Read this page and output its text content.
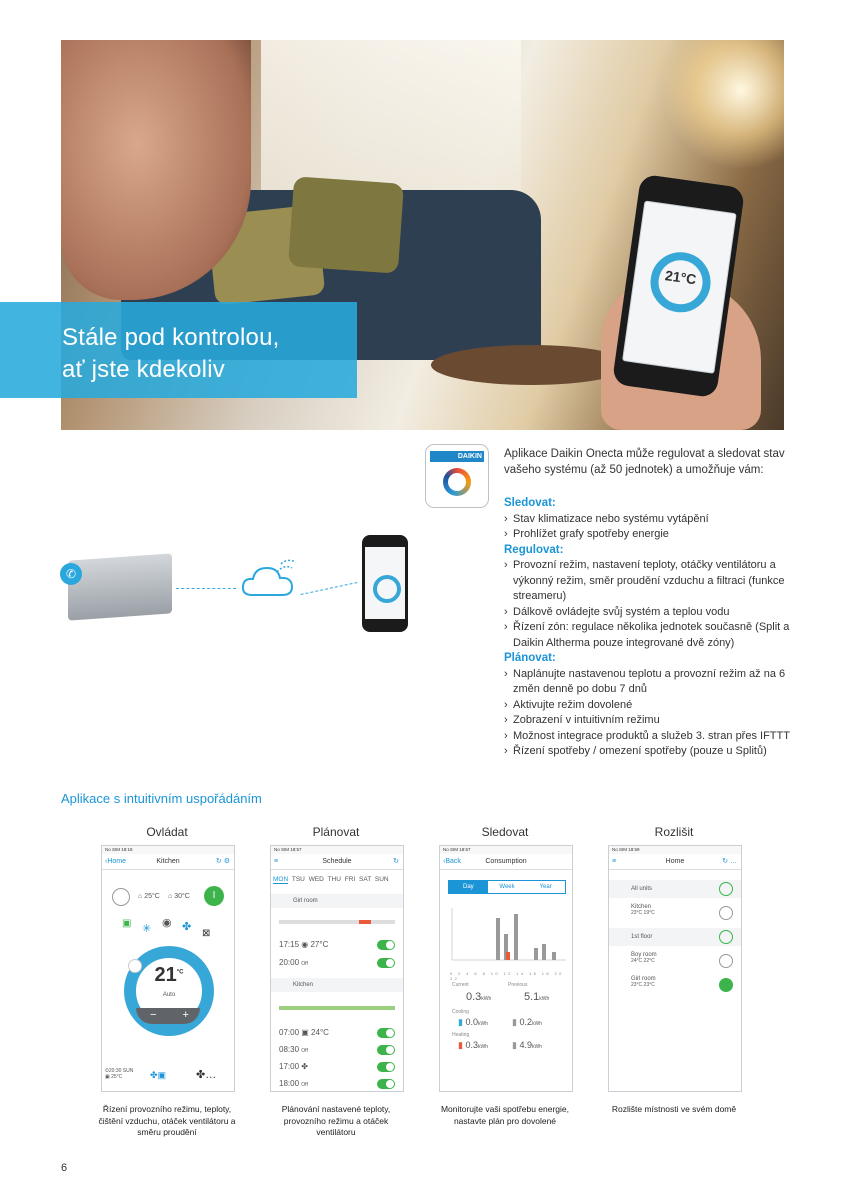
21°C
Stále pod kontrolou,
ať jste kdekoliv
DAIKIN Aplikace Daikin Onecta může regulovat a sledovat stav vašeho systému (až 50 jednotek) a umožňuje vám:
Sledovat:
› Stav klimatizace nebo systému vytápění
› Prohlížet grafy spotřeby energie
Regulovat:
› Provozní režim, nastavení teploty, otáčky ventilátoru a výkonný režim, směr proudění vzduchu a filtraci (funkce streameru)
› Dálkově ovládejte svůj systém a teplou vodu
› Řízení zón: regulace několika jednotek současně (Split a Daikin Altherma pouze integrované dvě zóny)
Plánovat:
› Naplánujte nastavenou teplotu a provozní režim až na 6 změn denně po dobu 7 dnů
› Aktivujte režim dovolené
› Zobrazení v intuitivním režimu
› Možnost integrace produktů a služeb 3. stran přes IFTTT
› Řízení spotřeby / omezení spotřeby (pouze u Splitů)
✆
Aplikace s intuitivním uspořádáním
Ovládat	Plánovat	Sledovat	Rozlišit
No SIM 18:18
‹Home	Kitchen	↻ ⚙
⌂ 25°C ⌂ 30°C	I
▣ ✳ ◉ ✤
⊠
$21^{^\circ C}$
Auto
− +
⏲20:30 SUN
▣ 25°C	✤▣	✤…
No SIM 18:57
≡	Schedule	↻
MON TSU WED THU FRI SAT SUN
Girl room
17:15 ◉ 27°C
20:00 Off
Kitchen
07:00 ▣ 24°C
08:30 Off
17:00 ✤
18:00 Off
No SIM 18:57
‹Back	Consumption
Day	Week	Year
0 2 4 6 8 10 12 14 16 18 20 22
Current	Previous
0.3kWh	5.1kWh
Cooling
▮ 0.0kWh	▮ 0.2kWh
Heating
▮ 0.3kWh	▮ 4.9kWh
No SIM 18:59
≡	Home	↻ …
All units
Kitchen
23°C 19°C
1st floor
Boy room
24°C 22°C
Girl room
23°C 23°C
Řízení provozního režimu, teploty, čištění vzduchu, otáček ventilátoru a směru proudění
Plánování nastavené teploty, provozního režimu a otáček ventilátoru
Monitorujte vaši spotřebu energie, nastavte plán pro dovolené
Rozlište místnosti ve svém domě
6
